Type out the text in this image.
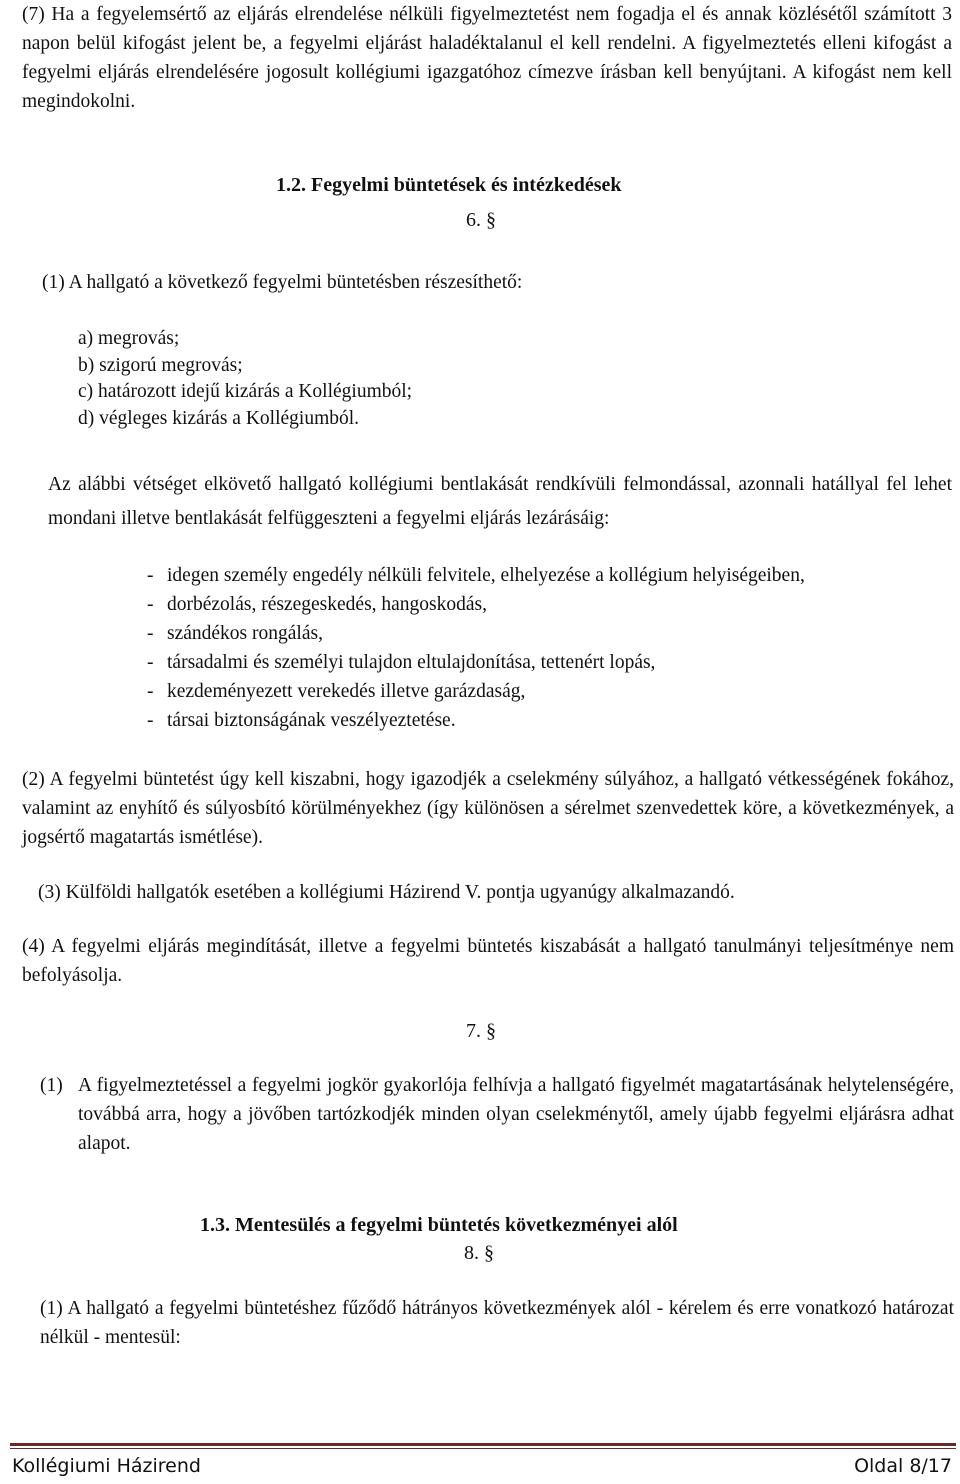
(7) Ha a fegyelemsértő az eljárás elrendelése nélküli figyelmeztetést nem fogadja el és annak közlésétől számított 3 napon belül kifogást jelent be, a fegyelmi eljárást haladéktalanul el kell rendelni. A figyelmeztetés elleni kifogást a fegyelmi eljárás elrendelésére jogosult kollégiumi igazgatóhoz címezve írásban kell benyújtani. A kifogást nem kell megindokolni.
1.2. Fegyelmi büntetések és intézkedések
6. §
(1) A hallgató a következő fegyelmi büntetésben részesíthető:
a) megrovás;
b) szigorú megrovás;
c) határozott idejű kizárás a Kollégiumból;
d) végleges kizárás a Kollégiumból.
Az alábbi vétséget elkövető hallgató kollégiumi bentlakását rendkívüli felmondással, azonnali hatállyal fel lehet mondani illetve bentlakását felfüggeszteni a fegyelmi eljárás lezárásáig:
- idegen személy engedély nélküli felvitele, elhelyezése a kollégium helyiségeiben,
- dorbézolás, részegeskedés, hangoskodás,
- szándékos rongálás,
- társadalmi és személyi tulajdon eltulajdonítása, tettenért lopás,
- kezdeményezett verekedés illetve garázdaság,
- társai biztonságának veszélyeztetése.
(2) A fegyelmi büntetést úgy kell kiszabni, hogy igazodjék a cselekmény súlyához, a hallgató vétkességének fokához, valamint az enyhítő és súlyosbító körülményekhez (így különösen a sérelmet szenvedettek köre, a következmények, a jogsértő magatartás ismétlése).
(3) Külföldi hallgatók esetében a kollégiumi Házirend V. pontja ugyanúgy alkalmazandó.
(4) A fegyelmi eljárás megindítását, illetve a fegyelmi büntetés kiszabását a hallgató tanulmányi teljesítménye nem befolyásolja.
7. §
(1) A figyelmeztetéssel a fegyelmi jogkör gyakorlója felhívja a hallgató figyelmét magatartásának helytelenségére, továbbá arra, hogy a jövőben tartózkodjék minden olyan cselekménytől, amely újabb fegyelmi eljárásra adhat alapot.
1.3. Mentesülés a fegyelmi büntetés következményei alól
8. §
(1) A hallgató a fegyelmi büntetéshez fűződő hátrányos következmények alól - kérelem és erre vonatkozó határozat nélkül - mentesül:
Kollégiumi Házirend	Oldal 8/17
